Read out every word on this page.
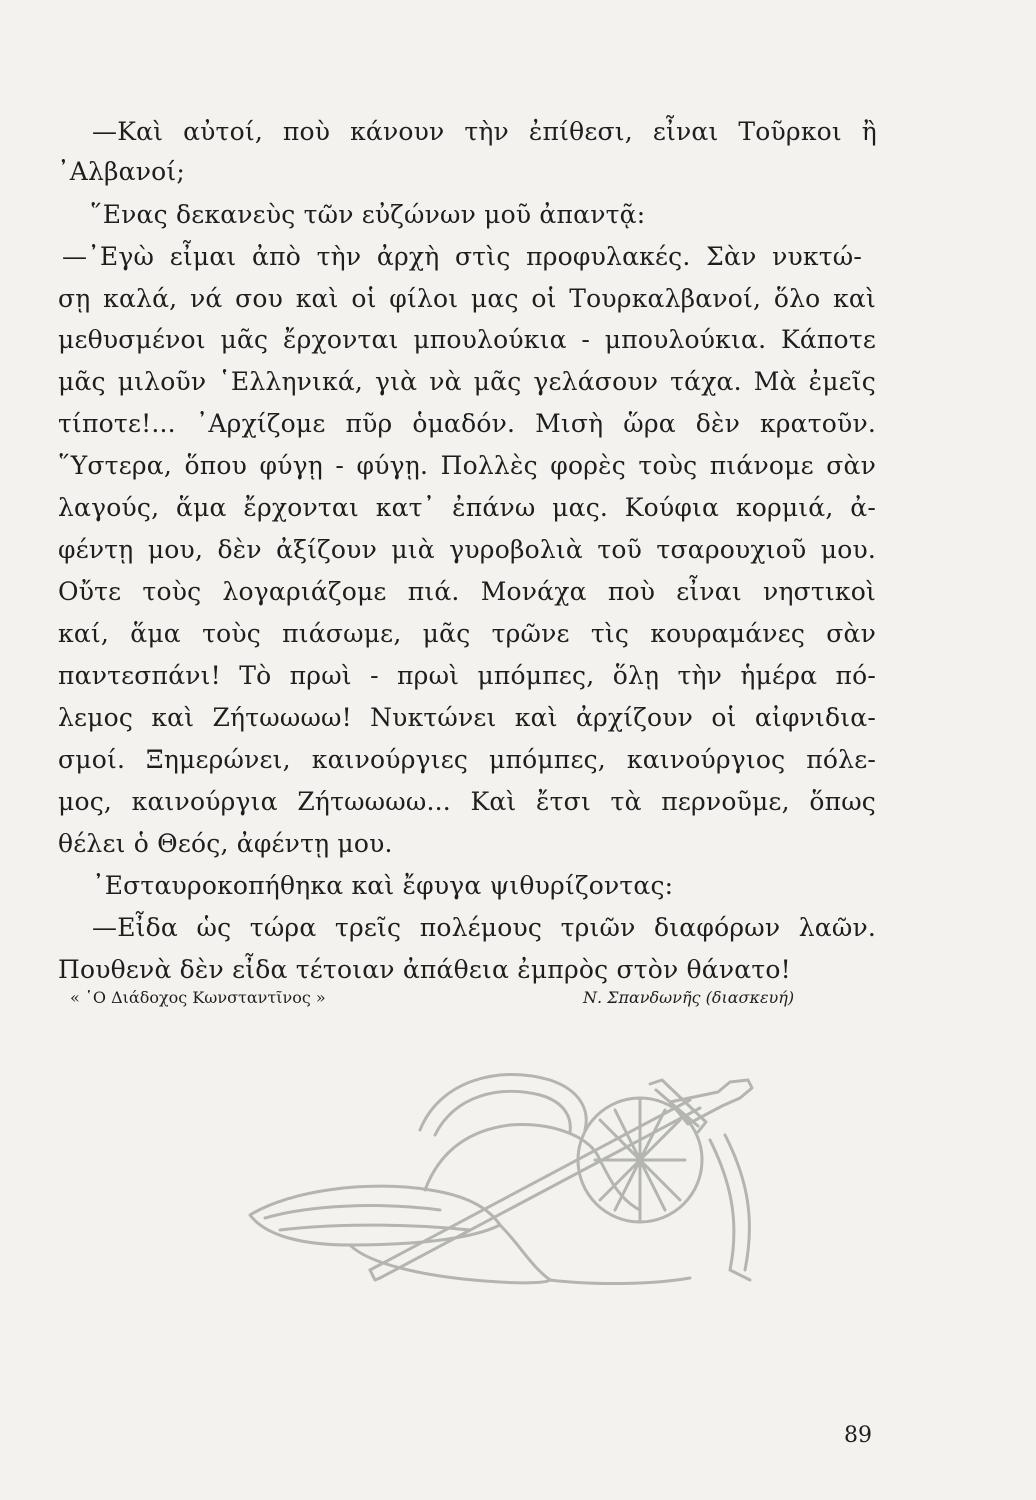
—Καὶ αὐτοί, ποὺ κάνουν τὴν ἐπίθεσι, εἶναι Τοῦρκοι ἢ
᾿Αλβανοί;
῞Ενας δεκανεὺς τῶν εὐζώνων μοῦ ἀπαντᾷ:
—᾿Εγὼ εἶμαι ἀπὸ τὴν ἀρχὴ στὶς προφυλακές. Σὰν νυκτώ-
σῃ καλά, νά σου καὶ οἱ φίλοι μας οἱ Τουρκαλβανοί, ὅλο καὶ
μεθυσμένοι μᾶς ἔρχονται μπουλούκια - μπουλούκια. Κάποτε
μᾶς μιλοῦν ῾Ελληνικά, γιὰ νὰ μᾶς γελάσουν τάχα. Μὰ ἐμεῖς
τίποτε!... ᾿Αρχίζομε πῦρ ὁμαδόν. Μισὴ ὥρα δὲν κρατοῦν.
῞Υστερα, ὅπου φύγῃ - φύγῃ. Πολλὲς φορὲς τοὺς πιάνομε σὰν
λαγούς, ἅμα ἔρχονται κατ᾿ ἐπάνω μας. Κούφια κορμιά, ἀ-
φέντῃ μου, δὲν ἀξίζουν μιὰ γυροβολιὰ τοῦ τσαρουχιοῦ μου.
Οὔτε τοὺς λογαριάζομε πιά. Μονάχα ποὺ εἶναι νηστικοὶ
καί, ἅμα τοὺς πιάσωμε, μᾶς τρῶνε τὶς κουραμάνες σὰν
παντεσπάνι! Τὸ πρωὶ - πρωὶ μπόμπες, ὅλῃ τὴν ἡμέρα πό-
λεμος καὶ Ζήτωωωω! Νυκτώνει καὶ ἀρχίζουν οἱ αἰφνιδια-
σμοί. Ξημερώνει, καινούργιες μπόμπες, καινούργιος πόλε-
μος, καινούργια Ζήτωωωω... Καὶ ἔτσι τὰ περνοῦμε, ὅπως
θέλει ὁ Θεός, ἀφέντῃ μου.
᾿Εσταυροκοπήθηκα καὶ ἔφυγα ψιθυρίζοντας:
—Εἶδα ὡς τώρα τρεῖς πολέμους τριῶν διαφόρων λαῶν.
Πουθενὰ δὲν εἶδα τέτοιαν ἀπάθεια ἐμπρὸς στὸν θάνατο!
« ῾Ο Διάδοχος Κωνσταντῖνος »	Ν. Σπανδωνῆς (διασκευή)
89
